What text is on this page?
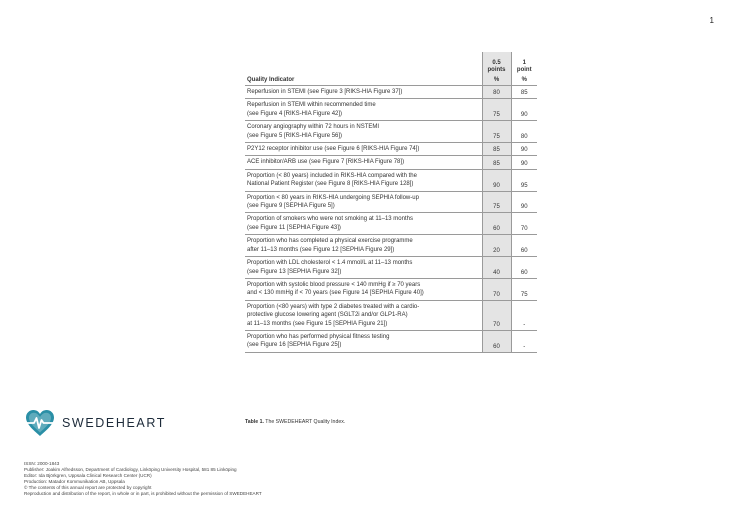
1
	0.5 points	1 point
Quality Indicator	%	%
Reperfusion in STEMI (see Figure 3 [RIKS-HIA Figure 37])	80	85
Reperfusion in STEMI within recommended time
(see Figure 4 [RIKS-HIA Figure 42])	75	90
Coronary angiography within 72 hours in NSTEMI
(see Figure 5 [RIKS-HIA Figure 56])	75	80
P2Y12 receptor inhibitor use (see Figure 6 [RIKS-HIA Figure 74])	85	90
ACE inhibitor/ARB use (see Figure 7 [RIKS-HIA Figure 78])	85	90
Proportion (< 80 years) included in RIKS-HIA compared with the
National Patient Register (see Figure 8 [RIKS-HIA Figure 128])	90	95
Proportion < 80 years in RIKS-HIA undergoing SEPHIA follow-up
(see Figure 9 [SEPHIA Figure 5])	75	90
Proportion of smokers who were not smoking at 11–13 months
(see Figure 11 [SEPHIA Figure 43])	60	70
Proportion who has completed a physical exercise programme
after 11–13 months (see Figure 12 [SEPHIA Figure 29])	20	60
Proportion with LDL cholesterol < 1.4 mmol/L at 11–13 months
(see Figure 13 [SEPHIA Figure 32])	40	60
Proportion with systolic blood pressure < 140 mmHg if ≥ 70 years
and < 130 mmHg if < 70 years (see Figure 14 [SEPHIA Figure 40])	70	75
Proportion (<80 years) with type 2 diabetes treated with a cardio-
protective glucose lowering agent (SGLT2i and/or GLP1-RA)
at 11–13 months (see Figure 15 [SEPHIA Figure 21])	70	-
Proportion who has performed physical fitness testing
(see Figure 16 [SEPHIA Figure 25])	60	-
SWEDEHEART	Table 1. The SWEDEHEART Quality Index.
ISSN: 2000-1843
Publisher: Joakim Alfredsson, Department of Cardiology, Linköping University Hospital, 581 85 Linköping
Editor: Ida Björkgren, Uppsala Clinical Research Center (UCR)
Production: Matador Kommunikation AB, Uppsala
© The contents of this annual report are protected by copyright
Reproduction and distribution of the report, in whole or in part, is prohibited without the permission of SWEDEHEART
